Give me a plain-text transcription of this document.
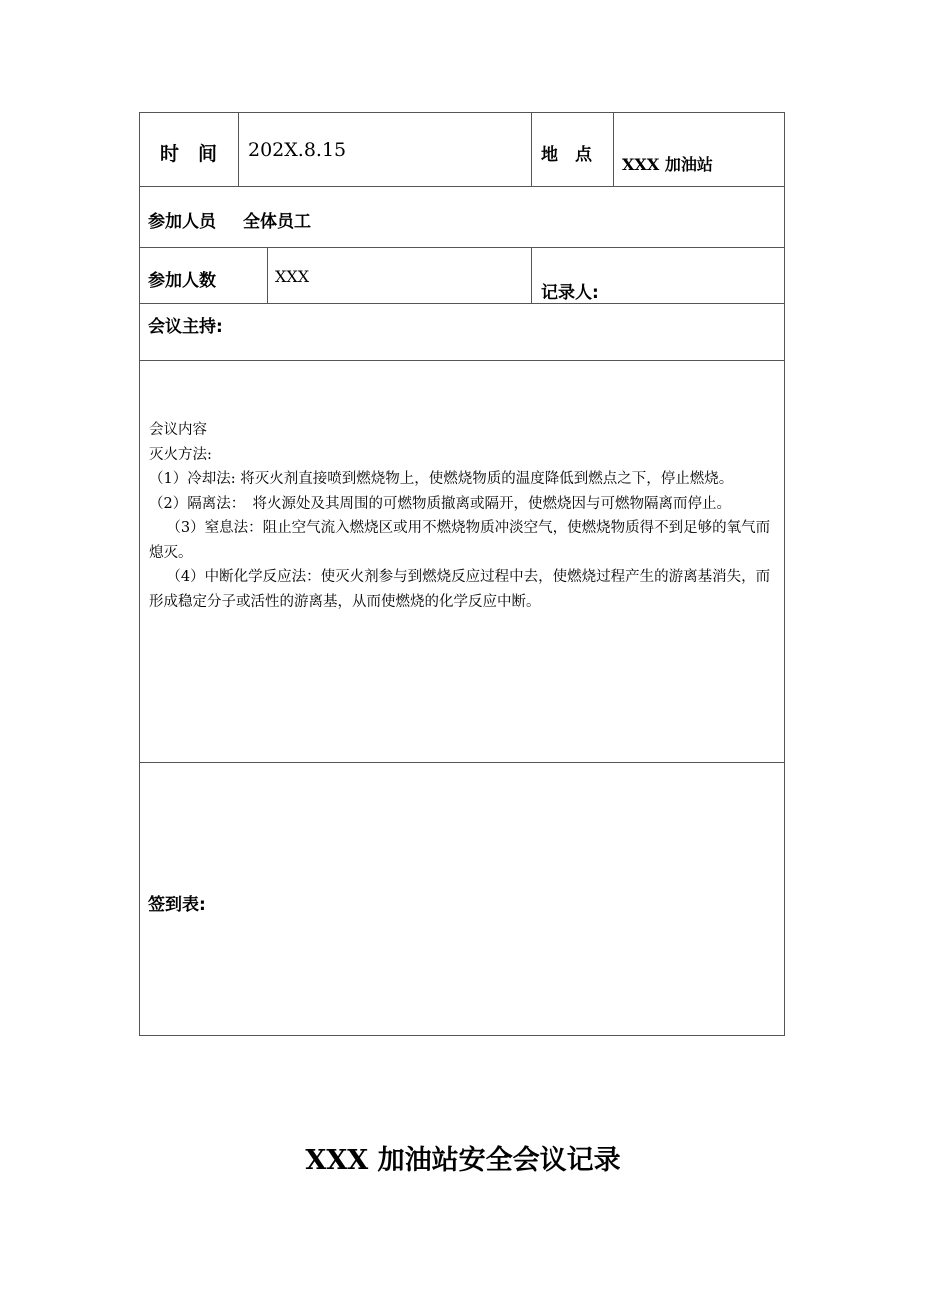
时　间 202X.8.15	地　点 XXX 加油站
参加人员 全体员工
参加人数	XXX
记录人:
会议主持:

会议内容

灭火方法:

（1）冷却法: 将灭火剂直接喷到燃烧物上，使燃烧物质的温度降低到燃点之下，停止燃烧。

（2）隔离法：　将火源处及其周围的可燃物质撤离或隔开，使燃烧因与可燃物隔离而停止。

（3）窒息法：阻止空气流入燃烧区或用不燃烧物质冲淡空气，使燃烧物质得不到足够的氧气而熄灭。

（4）中断化学反应法：使灭火剂参与到燃烧反应过程中去，使燃烧过程产生的游离基消失，而形成稳定分子或活性的游离基，从而使燃烧的化学反应中断。

签到表:
XXX 加油站安全会议记录
